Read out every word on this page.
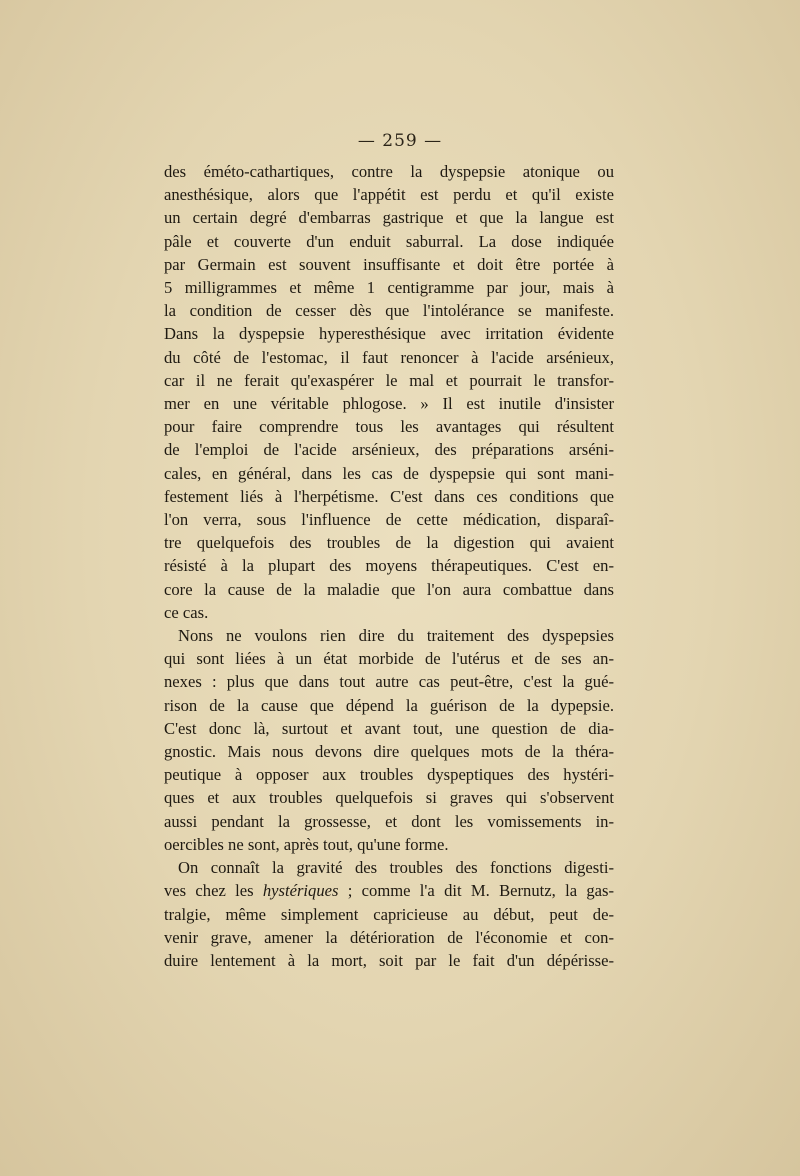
— 259 —
des éméto-cathartiques, contre la dyspepsie atonique ou
anesthésique, alors que l'appétit est perdu et qu'il existe
un certain degré d'embarras gastrique et que la langue est
pâle et couverte d'un enduit saburral. La dose indiquée
par Germain est souvent insuffisante et doit être portée à
5 milligrammes et même 1 centigramme par jour, mais à
la condition de cesser dès que l'intolérance se manifeste.
Dans la dyspepsie hyperesthésique avec irritation évidente
du côté de l'estomac, il faut renoncer à l'acide arsénieux,
car il ne ferait qu'exaspérer le mal et pourrait le transfor-
mer en une véritable phlogose. » Il est inutile d'insister
pour faire comprendre tous les avantages qui résultent
de l'emploi de l'acide arsénieux, des préparations arséni-
cales, en général, dans les cas de dyspepsie qui sont mani-
festement liés à l'herpétisme. C'est dans ces conditions que
l'on verra, sous l'influence de cette médication, disparaî-
tre quelquefois des troubles de la digestion qui avaient
résisté à la plupart des moyens thérapeutiques. C'est en-
core la cause de la maladie que l'on aura combattue dans
ce cas.
Nons ne voulons rien dire du traitement des dyspepsies
qui sont liées à un état morbide de l'utérus et de ses an-
nexes : plus que dans tout autre cas peut-être, c'est la gué-
rison de la cause que dépend la guérison de la dypepsie.
C'est donc là, surtout et avant tout, une question de dia-
gnostic. Mais nous devons dire quelques mots de la théra-
peutique à opposer aux troubles dyspeptiques des hystéri-
ques et aux troubles quelquefois si graves qui s'observent
aussi pendant la grossesse, et dont les vomissements in-
oercibles ne sont, après tout, qu'une forme.
On connaît la gravité des troubles des fonctions digesti-
ves chez les hystériques ; comme l'a dit M. Bernutz, la gas-
tralgie, même simplement capricieuse au début, peut de-
venir grave, amener la détérioration de l'économie et con-
duire lentement à la mort, soit par le fait d'un dépérisse-
